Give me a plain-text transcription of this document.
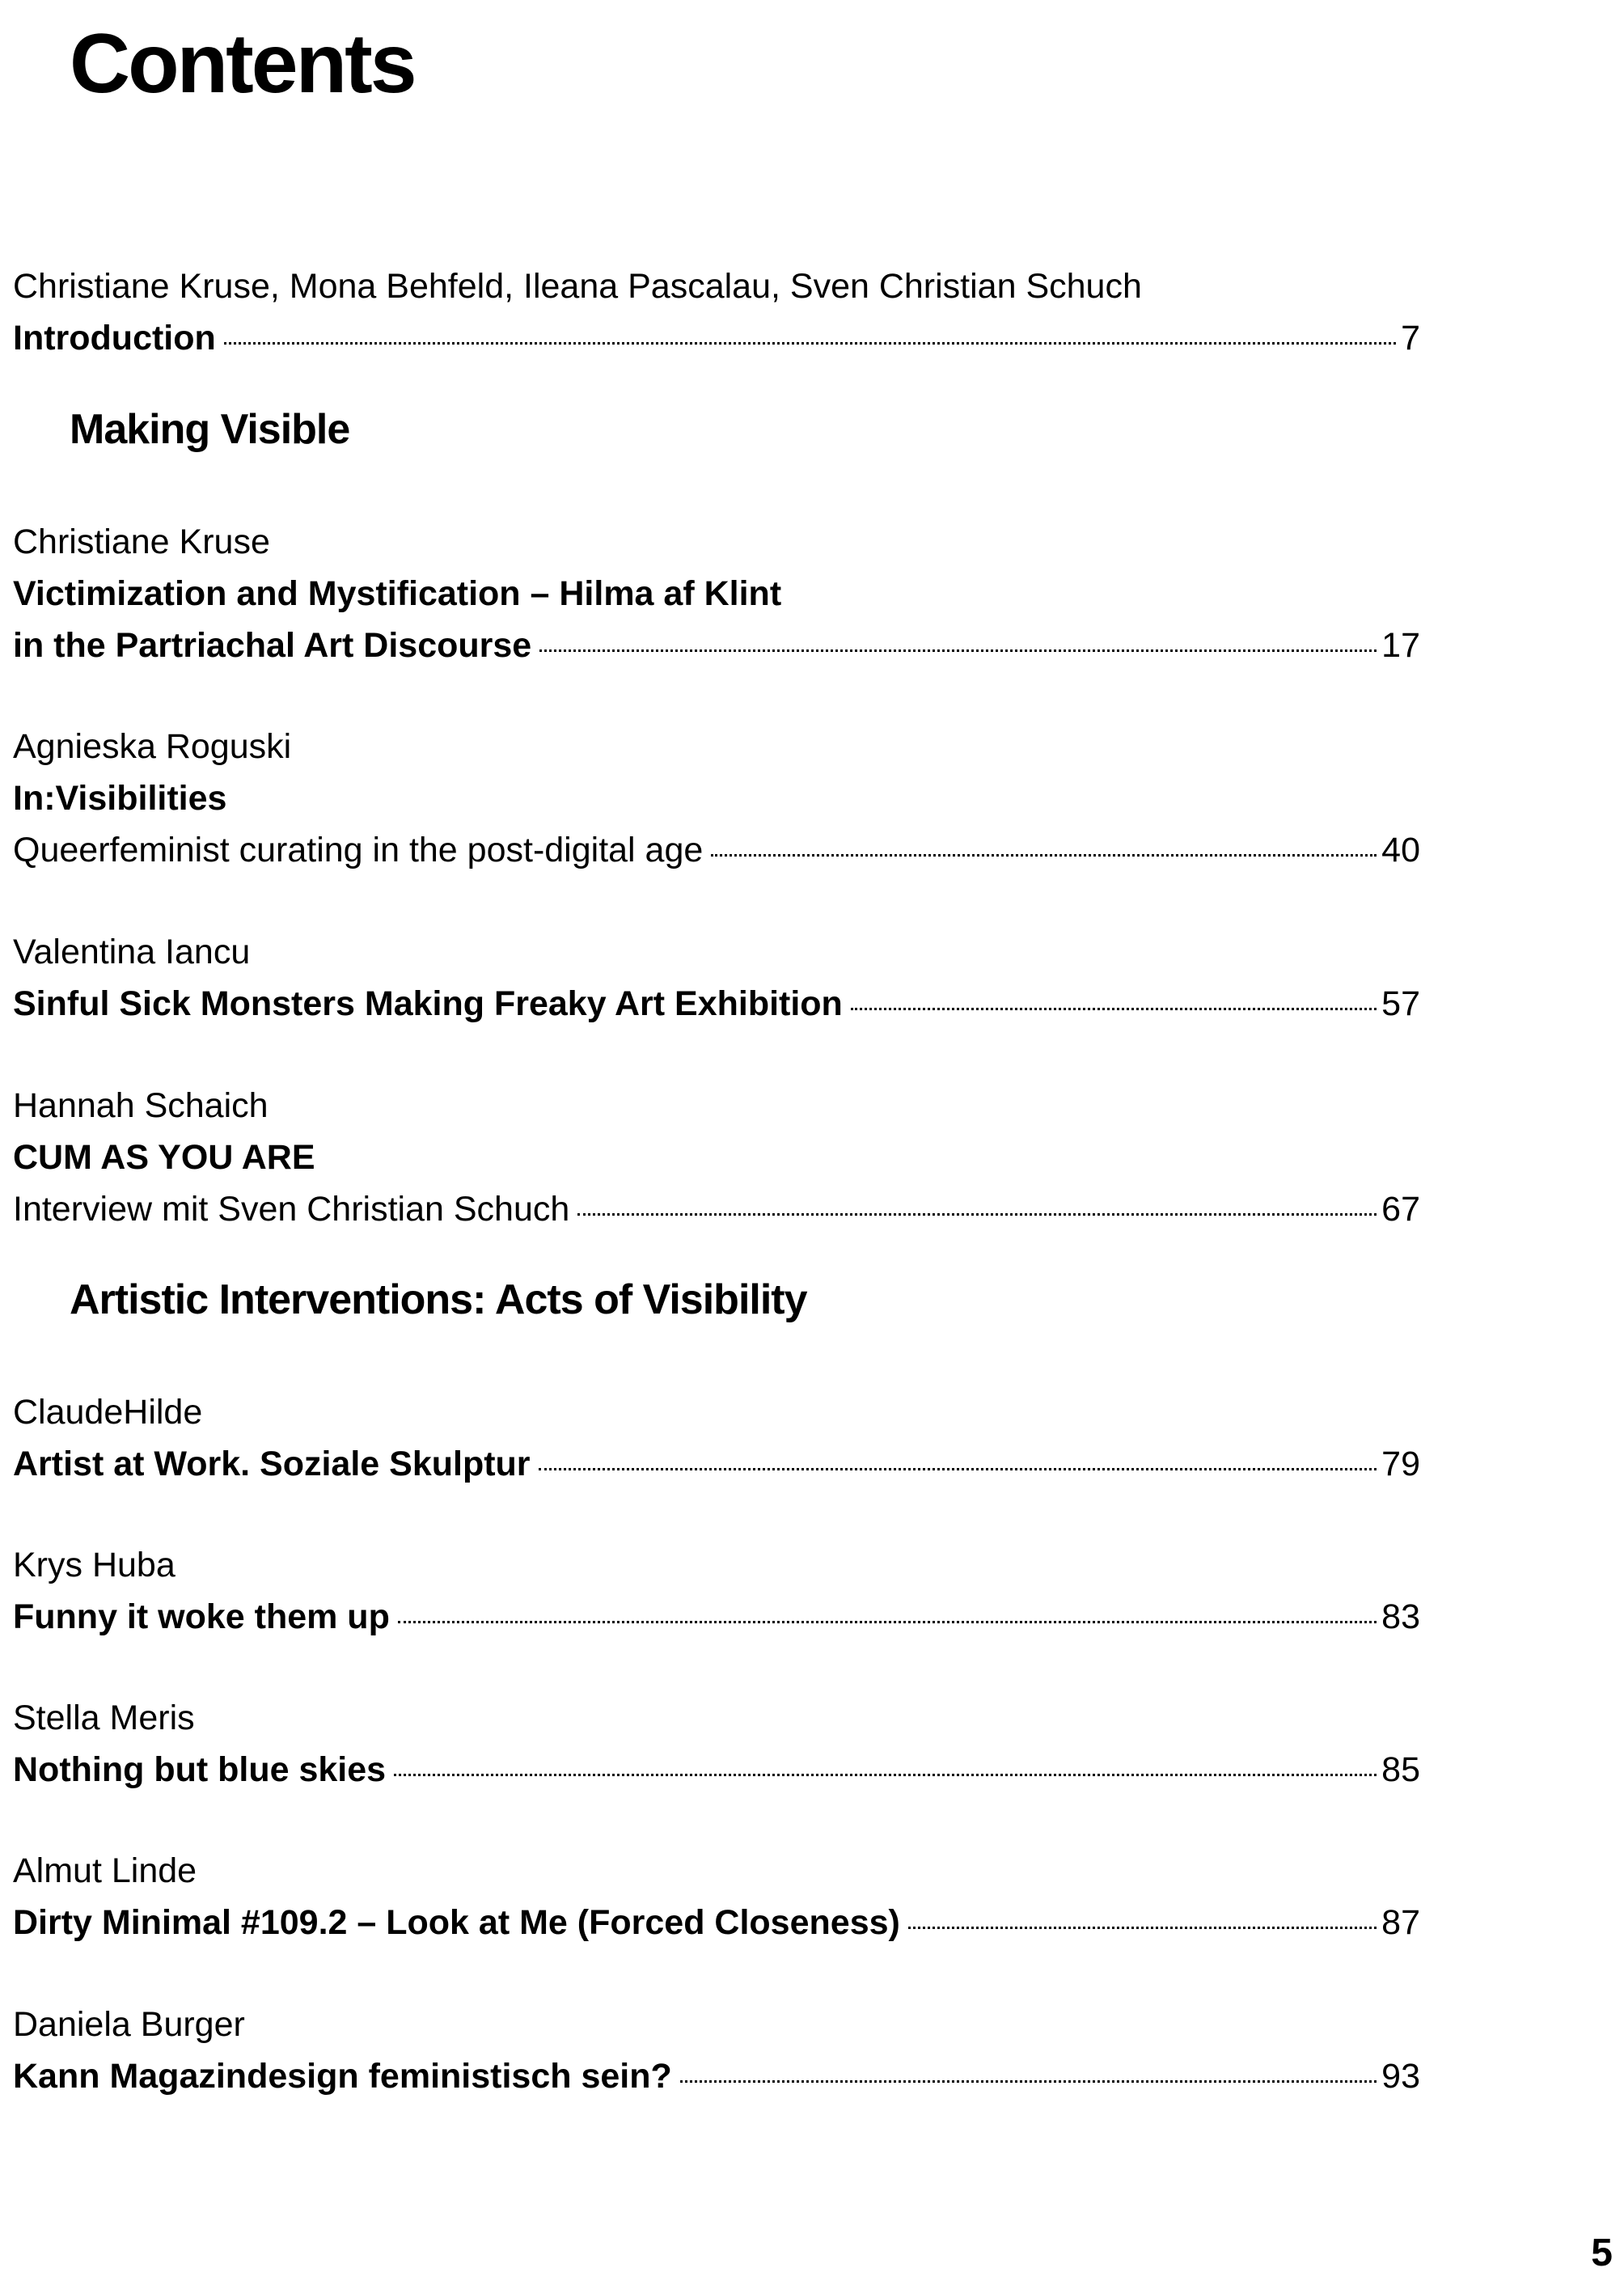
Contents
Christiane Kruse, Mona Behfeld, Ileana Pascalau, Sven Christian Schuch
Introduction	7
Making Visible
Christiane Kruse
Victimization and Mystification – Hilma af Klint
in the Partriachal Art Discourse	17
Agnieska Roguski
In:Visibilities
Queerfeminist curating in the post-digital age	40
Valentina Iancu
Sinful Sick Monsters Making Freaky Art Exhibition	57
Hannah Schaich
CUM AS YOU ARE
Interview mit Sven Christian Schuch	67
Artistic Interventions: Acts of Visibility
ClaudeHilde
Artist at Work. Soziale Skulptur	79
Krys Huba
Funny it woke them up	83
Stella Meris
Nothing but blue skies	85
Almut Linde
Dirty Minimal #109.2 – Look at Me (Forced Closeness)	87
Daniela Burger
Kann Magazindesign feministisch sein?	93
5
